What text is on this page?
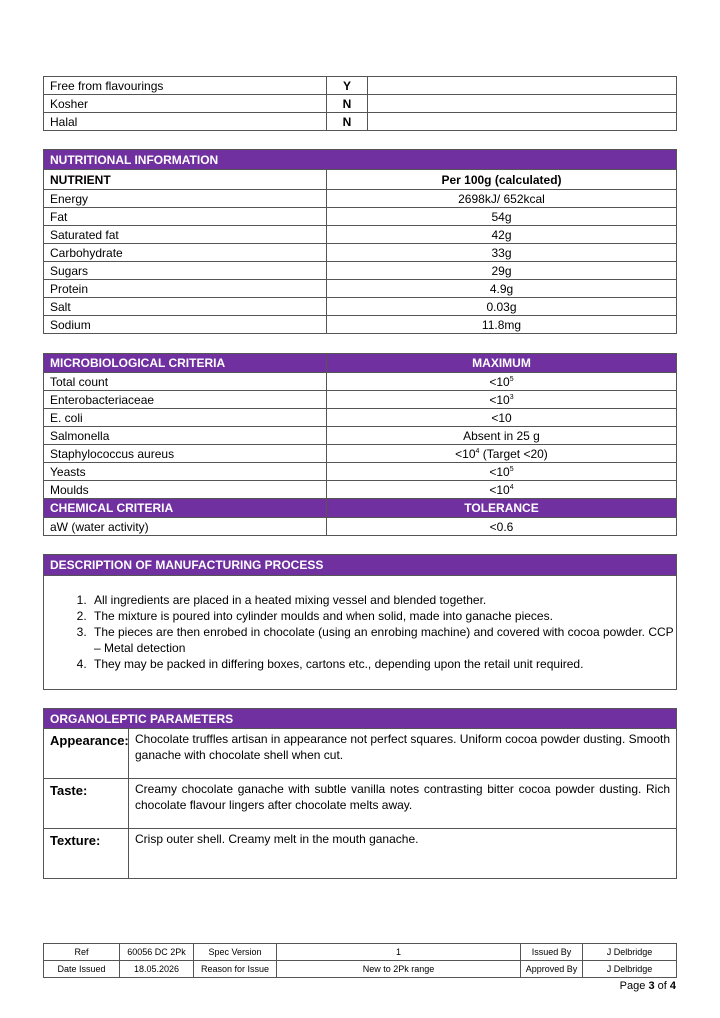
Free from flavourings	Y	
Kosher	N	
Halal	N	
NUTRITIONAL INFORMATION	
NUTRIENT	Per 100g (calculated)
Energy	2698kJ/ 652kcal
Fat	54g
Saturated fat	42g
Carbohydrate	33g
Sugars	29g
Protein	4.9g
Salt	0.03g
Sodium	11.8mg
MICROBIOLOGICAL CRITERIA	MAXIMUM
Total count	$<10^5$
Enterobacteriaceae	$<10^3$
E. coli	<10
Salmonella	Absent in 25 g
Staphylococcus aureus	$<10^4$ (Target <20)
Yeasts	$<10^5$
Moulds	$<10^4$
CHEMICAL CRITERIA	TOLERANCE
aW (water activity)	<0.6
DESCRIPTION OF MANUFACTURING PROCESS
1. All ingredients are placed in a heated mixing vessel and blended together.
2. The mixture is poured into cylinder moulds and when solid, made into ganache pieces.
3. The pieces are then enrobed in chocolate (using an enrobing machine) and covered with cocoa powder. CCP – Metal detection
4. They may be packed in differing boxes, cartons etc., depending upon the retail unit required.
ORGANOLEPTIC PARAMETERS	
Appearance:	Chocolate truffles artisan in appearance not perfect squares. Uniform cocoa powder dusting. Smooth ganache with chocolate shell when cut.
Taste:	Creamy chocolate ganache with subtle vanilla notes contrasting bitter cocoa powder dusting. Rich chocolate flavour lingers after chocolate melts away.
Texture:	Crisp outer shell. Creamy melt in the mouth ganache.
Ref	60056 DC 2Pk	Spec Version	1	Issued By	J Delbridge
Date Issued	18.05.2026	Reason for Issue	New to 2Pk range	Approved By	J Delbridge
Page 3 of 4
